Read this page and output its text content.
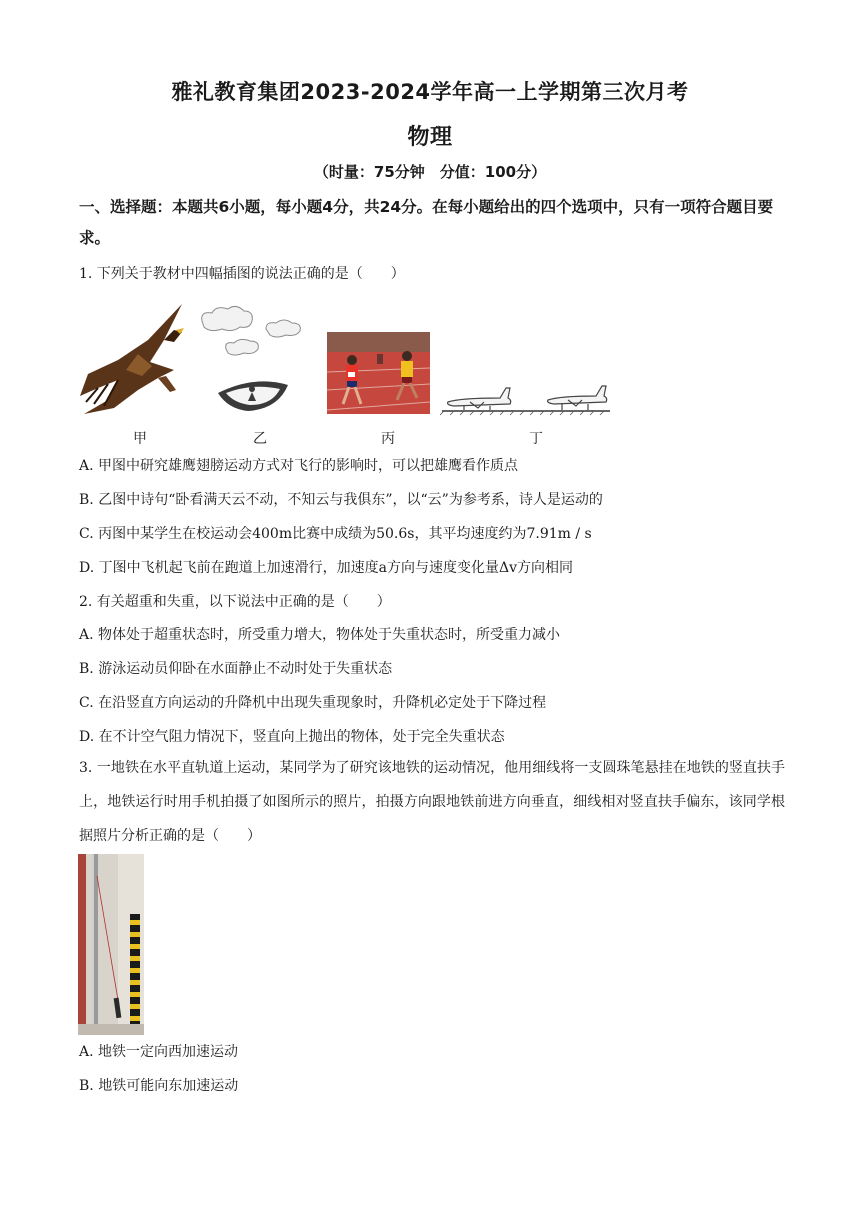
雅礼教育集团2023-2024学年高一上学期第三次月考
物理
（时量：75分钟　分值：100分）
一、选择题：本题共6小题，每小题4分，共24分。在每小题给出的四个选项中，只有一项符合题目要求。
1. 下列关于教材中四幅插图的说法正确的是（　　）
甲	乙	丙	丁
A. 甲图中研究雄鹰翅膀运动方式对飞行的影响时，可以把雄鹰看作质点
B. 乙图中诗句“卧看满天云不动，不知云与我俱东”，以“云”为参考系，诗人是运动的
C. 丙图中某学生在校运动会400m比赛中成绩为50.6s，其平均速度约为7.91m / s
D. 丁图中飞机起飞前在跑道上加速滑行，加速度a方向与速度变化量Δv方向相同
2. 有关超重和失重，以下说法中正确的是（　　）
A. 物体处于超重状态时，所受重力增大，物体处于失重状态时，所受重力减小
B. 游泳运动员仰卧在水面静止不动时处于失重状态
C. 在沿竖直方向运动的升降机中出现失重现象时，升降机必定处于下降过程
D. 在不计空气阻力情况下，竖直向上抛出的物体，处于完全失重状态
3. 一地铁在水平直轨道上运动，某同学为了研究该地铁的运动情况，他用细线将一支圆珠笔悬挂在地铁的竖直扶手上，地铁运行时用手机拍摄了如图所示的照片，拍摄方向跟地铁前进方向垂直，细线相对竖直扶手偏东，该同学根据照片分析正确的是（　　）
A. 地铁一定向西加速运动
B. 地铁可能向东加速运动
